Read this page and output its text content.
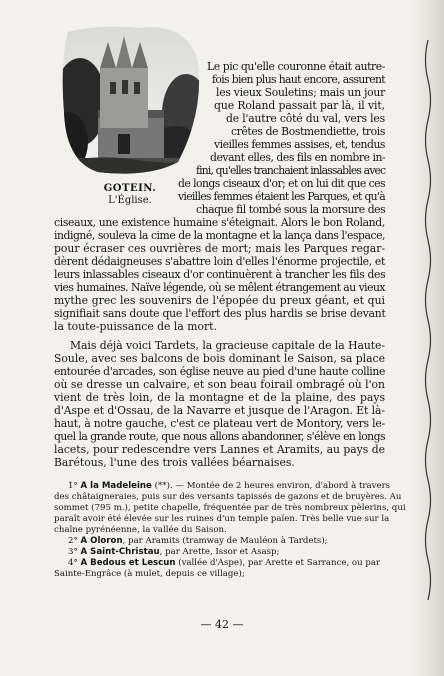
GOTEIN.
L'Église.
Le pic qu'elle couronne était autre-
fois bien plus haut encore, assurent
les vieux Souletins; mais un jour
que Roland passait par là, il vit,
de l'autre côté du val, vers les
crêtes de Bostmendiette, trois
vieilles femmes assises, et, tendus
devant elles, des fils en nombre in-
fini, qu'elles tranchaient inlassables avec
de longs ciseaux d'or; et on lui dit que ces
vieilles femmes étaient les Parques, et qu'à
chaque fil tombé sous la morsure des
ciseaux, une existence humaine s'éteignait. Alors le bon Roland,
indigné, souleva la cime de la montagne et la lança dans l'espace,
pour écraser ces ouvrières de mort; mais les Parques regar-
dèrent dédaigneuses s'abattre loin d'elles l'énorme projectile, et
leurs inlassables ciseaux d'or continuèrent à trancher les fils des
vies humaines. Naïve légende, où se mêlent étrangement au vieux
mythe grec les souvenirs de l'épopée du preux géant, et qui
signifiait sans doute que l'effort des plus hardis se brise devant
la toute-puissance de la mort.
Mais déjà voici Tardets, la gracieuse capitale de la Haute-
Soule, avec ses balcons de bois dominant le Saison, sa place
entourée d'arcades, son église neuve au pied d'une haute colline
où se dresse un calvaire, et son beau foirail ombragé où l'on
vient de très loin, de la montagne et de la plaine, des pays
d'Aspe et d'Ossau, de la Navarre et jusque de l'Aragon. Et là-
haut, à notre gauche, c'est ce plateau vert de Montory, vers le-
quel la grande route, que nous allons abandonner, s'élève en longs
lacets, pour redescendre vers Lannes et Aramits, au pays de
Barétous, l'une des trois vallées béarnaises.
1° A la Madeleine (**). — Montée de 2 heures environ, d'abord à travers
des châtaigneraies, puis sur des versants tapissés de gazons et de bruyères. Au
sommet (795 m.), petite chapelle, fréquentée par de très nombreux pèlerins, qui
paraît avoir été élevée sur les ruines d'un temple païen. Très belle vue sur la
chaîne pyrénéenne, la vallée du Saison.
2° A Oloron, par Aramits (tramway de Mauléon à Tardets);
3° A Saint-Christau, par Arette, Issor et Asasp;
4° A Bedous et Lescun (vallée d'Aspe), par Arette et Sarrance, ou par
Sainte-Engrâce (à mulet, depuis ce village);
— 42 —
